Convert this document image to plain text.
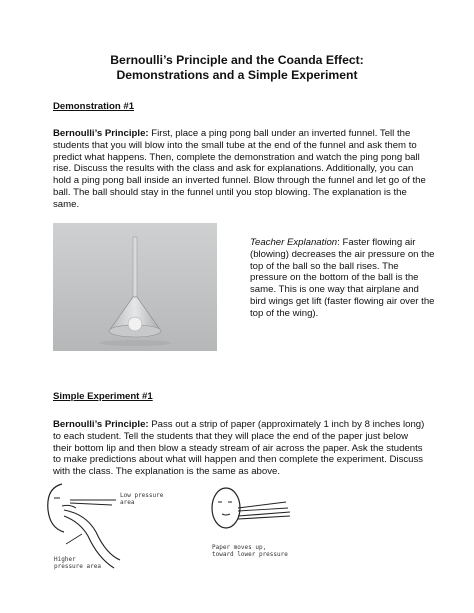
Bernoulli’s Principle and the Coanda Effect:
Demonstrations and a Simple Experiment
Demonstration #1

Bernoulli’s Principle: First, place a ping pong ball under an inverted funnel. Tell the students that you will blow into the small tube at the end of the funnel and ask them to predict what happens. Then, complete the demonstration and watch the ping pong ball rise. Discuss the results with the class and ask for explanations. Additionally, you can hold a ping pong ball inside an inverted funnel. Blow through the funnel and let go of the ball. The ball should stay in the funnel until you stop blowing. The explanation is the same.

Teacher Explanation: Faster flowing air (blowing) decreases the air pressure on the top of the ball so the ball rises. The pressure on the bottom of the ball is the same. This is one way that airplane and bird wings get lift (faster flowing air over the top of the wing).

Simple Experiment #1

Bernoulli’s Principle: Pass out a strip of paper (approximately 1 inch by 8 inches long) to each student. Tell the students that they will place the end of the paper just below their bottom lip and then blow a steady stream of air across the paper. Ask the students to make predictions about what will happen and then complete the experiment. Discuss with the class. The explanation is the same as above.

Low pressure
area
Higher
pressure area
Paper moves up,
toward lower pressure
